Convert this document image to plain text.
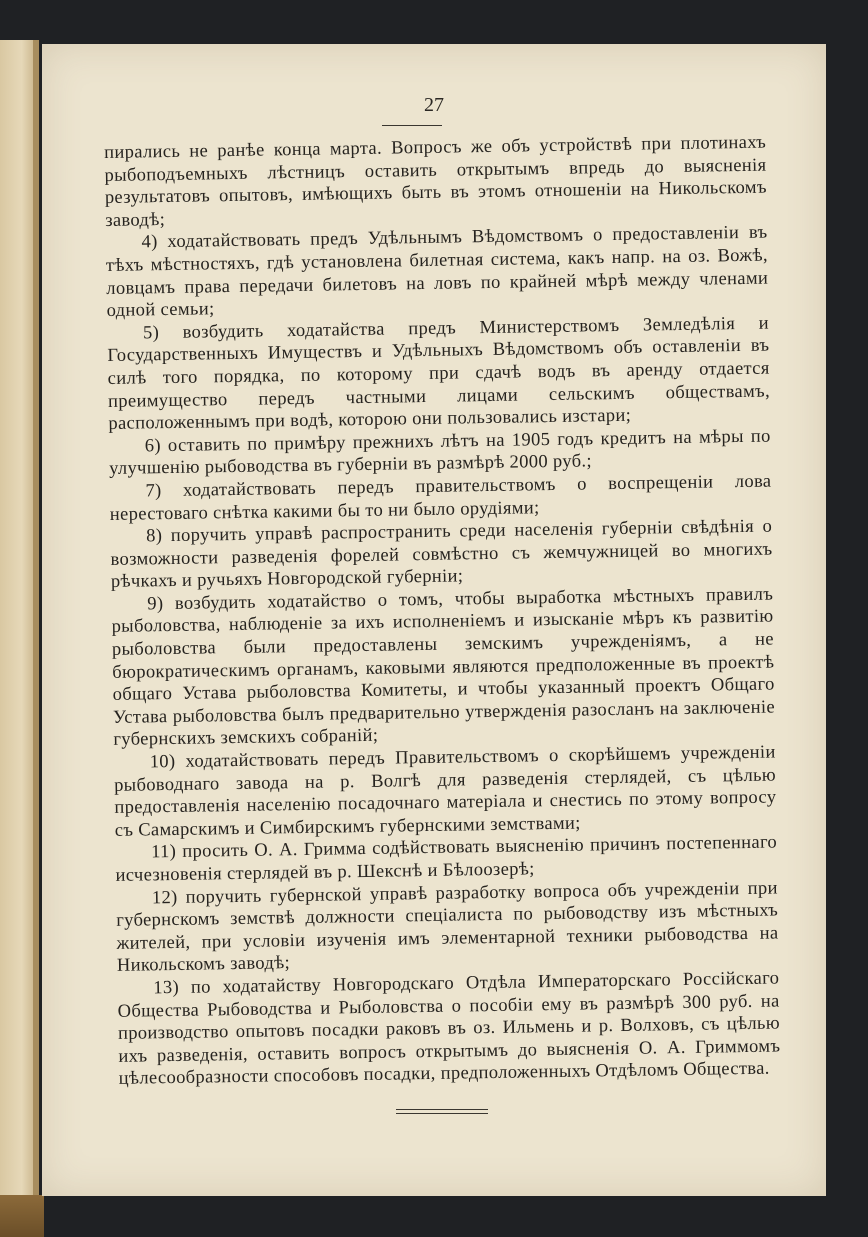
27

пирались не ранѣе конца марта. Вопросъ же объ устройствѣ при плотинахъ рыбоподъемныхъ лѣстницъ оставить открытымъ впредь до выясненія результатовъ опытовъ, имѣющихъ быть въ этомъ отношеніи на Никольскомъ заводѣ;

4) ходатайствовать предъ Удѣльнымъ Вѣдомствомъ о предоставленіи въ тѣхъ мѣстностяхъ, гдѣ установлена билетная система, какъ напр. на оз. Вожѣ, ловцамъ права передачи билетовъ на ловъ по крайней мѣрѣ между членами одной семьи;

5) возбудить ходатайства предъ Министерствомъ Земледѣлія и Государственныхъ Имуществъ и Удѣльныхъ Вѣдомствомъ объ оставленіи въ силѣ того порядка, по которому при сдачѣ водъ въ аренду отдается преимущество передъ частными лицами сельскимъ обществамъ, расположеннымъ при водѣ, которою они пользовались изстари;

6) оставить по примѣру прежнихъ лѣтъ на 1905 годъ кредитъ на мѣры по улучшенію рыбоводства въ губерніи въ размѣрѣ 2000 руб.;

7) ходатайствовать передъ правительствомъ о воспрещеніи лова нерестоваго снѣтка какими бы то ни было орудіями;

8) поручить управѣ распространить среди населенія губерніи свѣдѣнія о возможности разведенія форелей совмѣстно съ жемчужницей во многихъ рѣчкахъ и ручьяхъ Новгородской губерніи;

9) возбудить ходатайство о томъ, чтобы выработка мѣстныхъ правилъ рыболовства, наблюденіе за ихъ исполненіемъ и изысканіе мѣръ къ развитію рыболовства были предоставлены земскимъ учрежденіямъ, а не бюрократическимъ органамъ, каковыми являются предположенные въ проектѣ общаго Устава рыболовства Комитеты, и чтобы указанный проектъ Общаго Устава рыболовства былъ предварительно утвержденія разосланъ на заключеніе губернскихъ земскихъ собраній;

10) ходатайствовать передъ Правительствомъ о скорѣйшемъ учрежденіи рыбоводнаго завода на р. Волгѣ для разведенія стерлядей, съ цѣлью предоставленія населенію посадочнаго матеріала и снестись по этому вопросу съ Самарскимъ и Симбирскимъ губернскими земствами;

11) просить О. А. Гримма содѣйствовать выясненію причинъ постепеннаго исчезновенія стерлядей въ р. Шекснѣ и Бѣлоозерѣ;

12) поручить губернской управѣ разработку вопроса объ учрежденіи при губернскомъ земствѣ должности спеціалиста по рыбоводству изъ мѣстныхъ жителей, при условіи изученія имъ элементарной техники рыбоводства на Никольскомъ заводѣ;

13) по ходатайству Новгородскаго Отдѣла Императорскаго Россійскаго Общества Рыбоводства и Рыболовства о пособіи ему въ размѣрѣ 300 руб. на производство опытовъ посадки раковъ въ оз. Ильмень и р. Волховъ, съ цѣлью ихъ разведенія, оставить вопросъ открытымъ до выясненія О. А. Гриммомъ цѣлесообразности способовъ посадки, предположенныхъ Отдѣломъ Общества.
